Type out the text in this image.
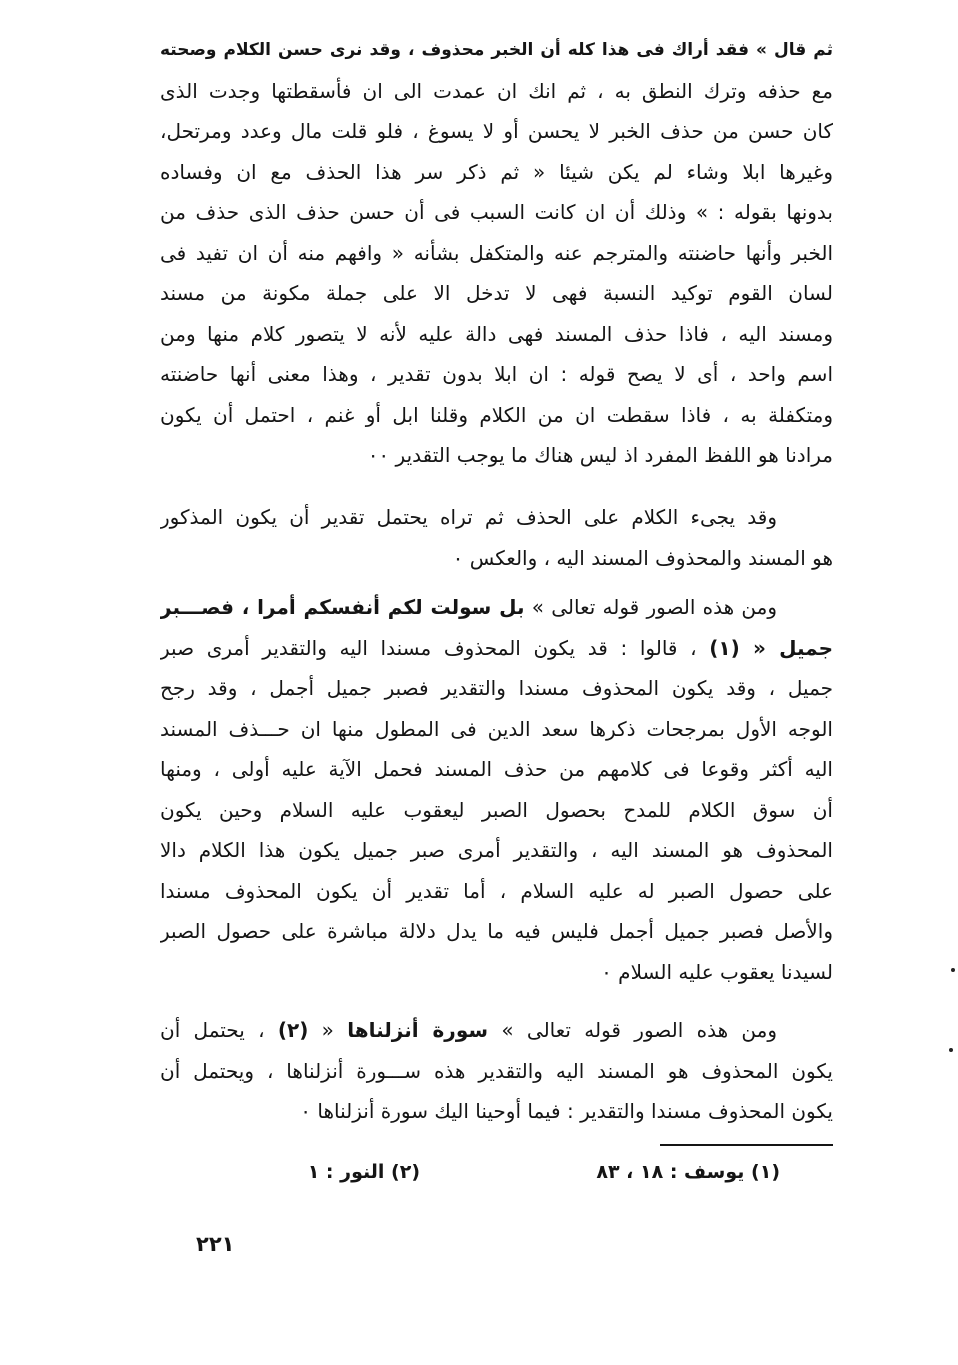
ثم قال « فقد أراك فى هذا كله أن الخبر محذوف ، وقد نرى حسن الكلام وصحته
مع حذفه وترك النطق به ، ثم انك ان عمدت الى ان فأسقطتها وجدت الذى
كان حسن من حذف الخبر لا يحسن أو لا يسوغ ، فلو قلت مال وعدد ومرتحل،
وغيرها ابلا وشاء لم يكن شيئا » ثم ذكر سر هذا الحذف مع ان وفساده
بدونها بقوله : « وذلك أن ان كانت السبب فى أن حسن حذف الذى حذف من
الخبر وأنها حاضنته والمترجم عنه والمتكفل بشأنه » وافهم منه أن ان تفيد فى
لسان القوم توكيد النسبة فهى لا تدخل الا على جملة مكونة من مسند
ومسند اليه ، فاذا حذف المسند فهى دالة عليه لأنه لا يتصور كلام منها ومن
اسم واحد ، أى لا يصح قوله : ان ابلا بدون تقدير ، وهذا معنى أنها حاضنته
ومتكفلة به ، فاذا سقطت ان من الكلام وقلنا ابل أو غنم ، احتمل أن يكون
مرادنا هو اللفظ المفرد اذ ليس هناك ما يوجب التقدير ٠٠
وقد يجىء الكلام على الحذف ثم تراه يحتمل تقدير أن يكون المذكور
هو المسند والمحذوف المسند اليه ، والعكس ٠
ومن هذه الصور قوله تعالى « بل سولت لكم أنفسكم أمرا ، فصـــبر
جميل » (١) ، قالوا : قد يكون المحذوف مسندا اليه والتقدير أمرى صبر
جميل ، وقد يكون المحذوف مسندا والتقدير فصبر جميل أجمل ، وقد رجح
الوجه الأول بمرجحات ذكرها سعد الدين فى المطول منها ان حـــذف المسند
اليه أكثر وقوعا فى كلامهم من حذف المسند فحمل الآية عليه أولى ، ومنها
أن سوق الكلام للمدح بحصول الصبر ليعقوب عليه السلام وحين يكون
المحذوف هو المسند اليه ، والتقدير أمرى صبر جميل يكون هذا الكلام دالا
على حصول الصبر له عليه السلام ، أما تقدير أن يكون المحذوف مسندا
والأصل فصبر جميل أجمل فليس فيه ما يدل دلالة مباشرة على حصول الصبر
لسيدنا يعقوب عليه السلام ٠
ومن هذه الصور قوله تعالى « سورة أنزلناها » (٢) ، يحتمل أن
يكون المحذوف هو المسند اليه والتقدير هذه ســـورة أنزلناها ، ويحتمل أن
يكون المحذوف مسندا والتقدير : فيما أوحينا اليك سورة أنزلناها ٠
(١) يوسف : ١٨ ، ٨٣
(٢) النور : ١
٢٢١
